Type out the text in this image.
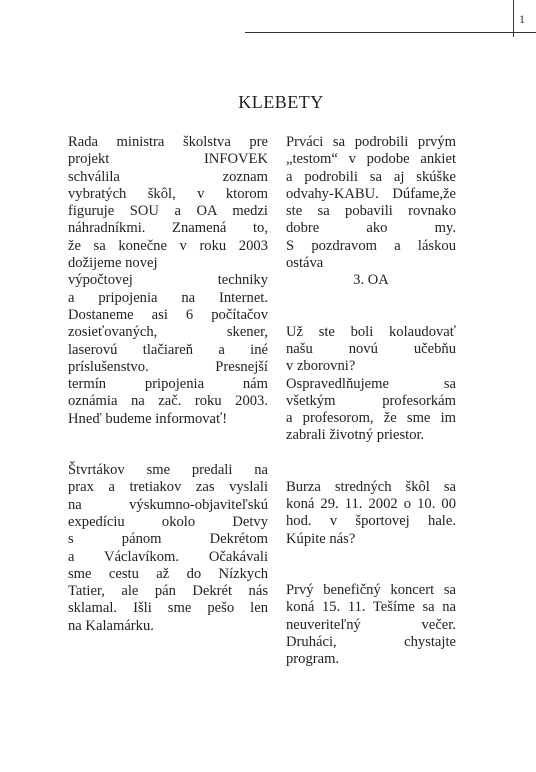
1
KLEBETY
Rada ministra školstva pre
projekt INFOVEK
schválila zoznam
vybratých škôl, v ktorom
figuruje SOU a OA medzi
náhradníkmi. Znamená to,
že sa konečne v roku 2003
dožijeme novej
výpočtovej techniky
a pripojenia na Internet.
Dostaneme asi 6 počítačov
zosieťovaných, skener,
laserovú tlačiareň a iné
príslušenstvo. Presnejší
termín pripojenia nám
oznámia na zač. roku 2003.
Hneď budeme informovať!
Štvrtákov sme predali na
prax a tretiakov zas vyslali
na výskumno-objaviteľskú
expedíciu okolo Detvy
s pánom Dekrétom
a Václavíkom. Očakávali
sme cestu až do Nízkych
Tatier, ale pán Dekrét nás
sklamal. Išli sme pešo len
na Kalamárku.
Prváci sa podrobili prvým
„testom“ v podobe ankiet
a podrobili sa aj skúške
odvahy-KABU. Dúfame,že
ste sa pobavili rovnako
dobre ako my.
S pozdravom a láskou
ostáva
3. OA
Už ste boli kolaudovať
našu novú učebňu
v zborovni?
Ospravedlňujeme sa
všetkým profesorkám
a profesorom, že sme im
zabrali životný priestor.
Burza stredných škôl sa
koná 29. 11. 2002 o 10. 00
hod. v športovej hale.
Kúpite nás?
Prvý benefičný koncert sa
koná 15. 11. Tešíme sa na
neuveriteľný večer.
Druháci, chystajte
program.
